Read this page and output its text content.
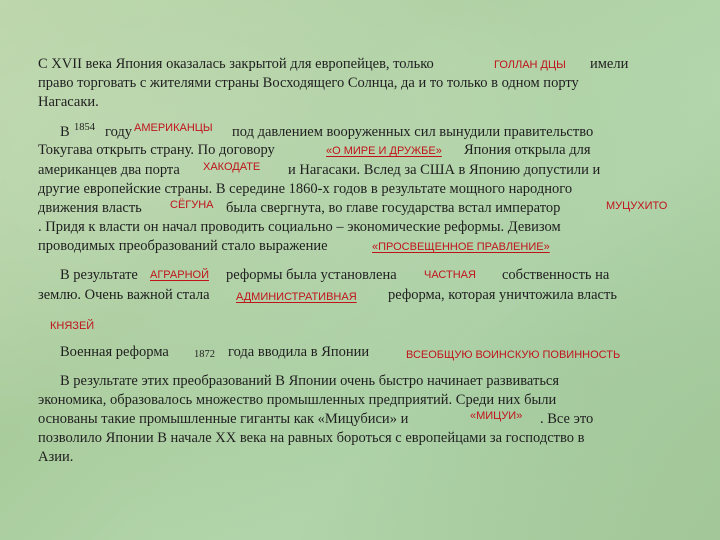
С XVII века Япония оказалась закрытой для европейцев, только	ГОЛЛАН ДЦЫ имели
право торговать с жителями страны Восходящего Солнца, да и то только в одном порту
Нагасаки.
В 1854 году АМЕРИКАНЦЫ под давлением вооруженных сил вынудили правительство
Токугава открыть страну. По договору	«О МИРЕ И ДРУЖБЕ» Япония открыла для
американцев два порта ХАКОДАТЕ и Нагасаки. Вслед за США в Японию допустили и
другие европейские страны. В середине 1860-х годов в результате мощного народного
движения власть	СЁГУНА была свергнута, во главе государства встал император	МУЦУХИТО
. Придя к власти он начал проводить социально – экономические реформы. Девизом
проводимых преобразований стало выражение	«ПРОСВЕЩЕННОЕ ПРАВЛЕНИЕ»
В результате АГРАРНОЙ реформы была установлена ЧАСТНАЯ собственность на
землю. Очень важной стала АДМИНИСТРАТИВНАЯ реформа, которая уничтожила власть
КНЯЗЕЙ
Военная реформа 1872 года вводила в Японии	ВСЕОБЩУЮ ВОИНСКУЮ ПОВИННОСТЬ
В результате этих преобразований В Японии очень быстро начинает развиваться
экономика, образовалось множество промышленных предприятий. Среди них были
основаны такие промышленные гиганты как «Мицубиси» и	«МИЦУИ» . Все это
позволило Японии В начале XX века на равных бороться с европейцами за господство в
Азии.
